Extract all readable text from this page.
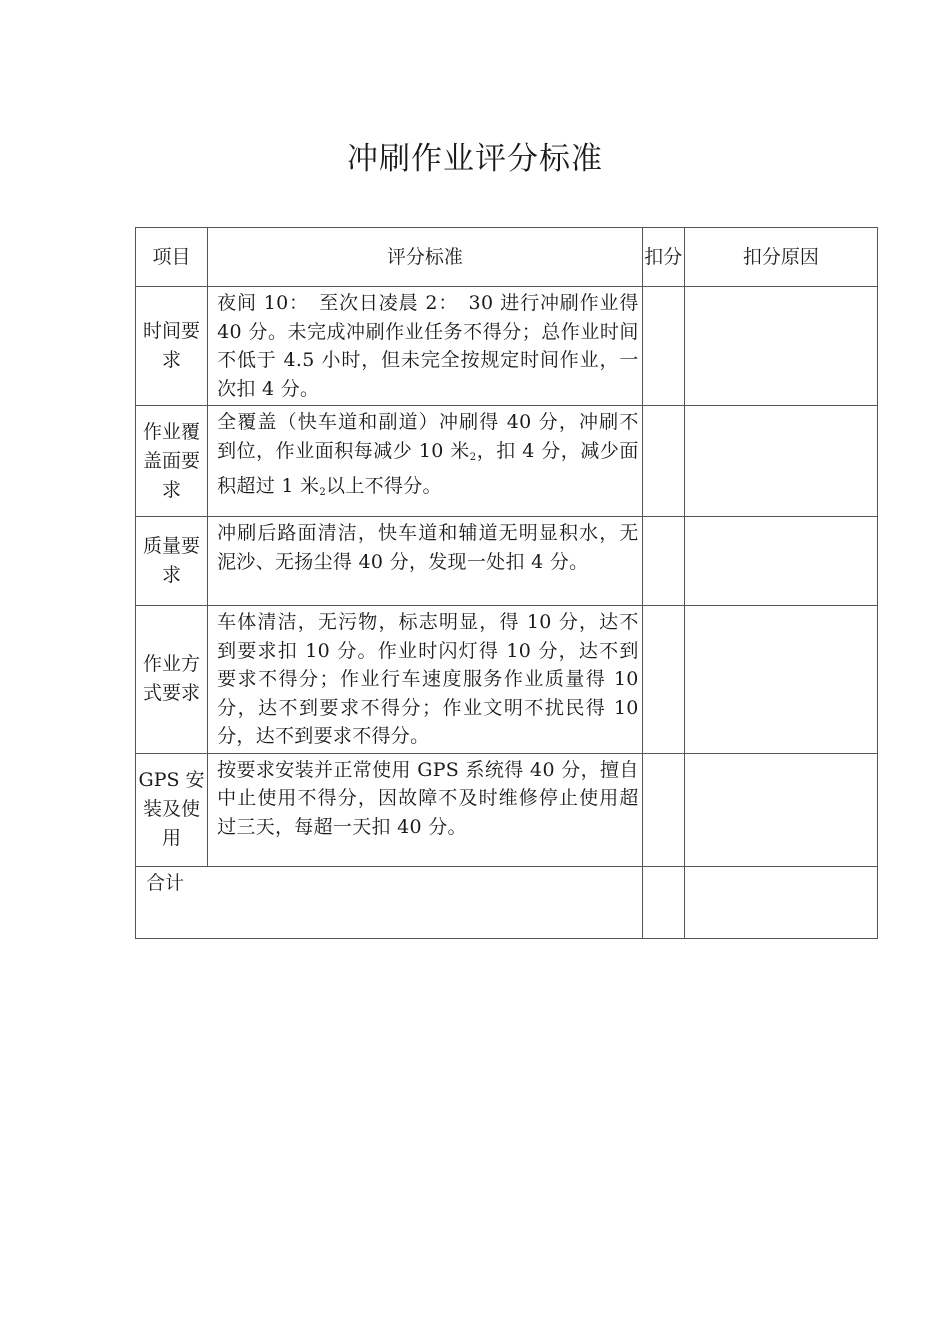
冲刷作业评分标准
项目	评分标准	扣分	扣分原因
时间要求	夜间 10：　至次日凌晨 2：　30 进行冲刷作业得 40 分。未完成冲刷作业任务不得分；总作业时间不低于 4.5 小时，但未完全按规定时间作业，一次扣 4 分。		
作业覆盖面要求	全覆盖（快车道和副道）冲刷得 40 分，冲刷不到位，作业面积每减少 10 米$_2$，扣 4 分，减少面积超过 1 米$_2$以上不得分。		
质量要求	冲刷后路面清洁，快车道和辅道无明显积水，无泥沙、无扬尘得 40 分，发现一处扣 4 分。		
作业方式要求	车体清洁，无污物，标志明显，得 10 分，达不到要求扣 10 分。作业时闪灯得 10 分，达不到要求不得分；作业行车速度服务作业质量得 10 分，达不到要求不得分；作业文明不扰民得 10 分，达不到要求不得分。		
GPS 安装及使用	按要求安装并正常使用 GPS 系统得 40 分，擅自中止使用不得分，因故障不及时维修停止使用超过三天，每超一天扣 40 分。		
合计			
